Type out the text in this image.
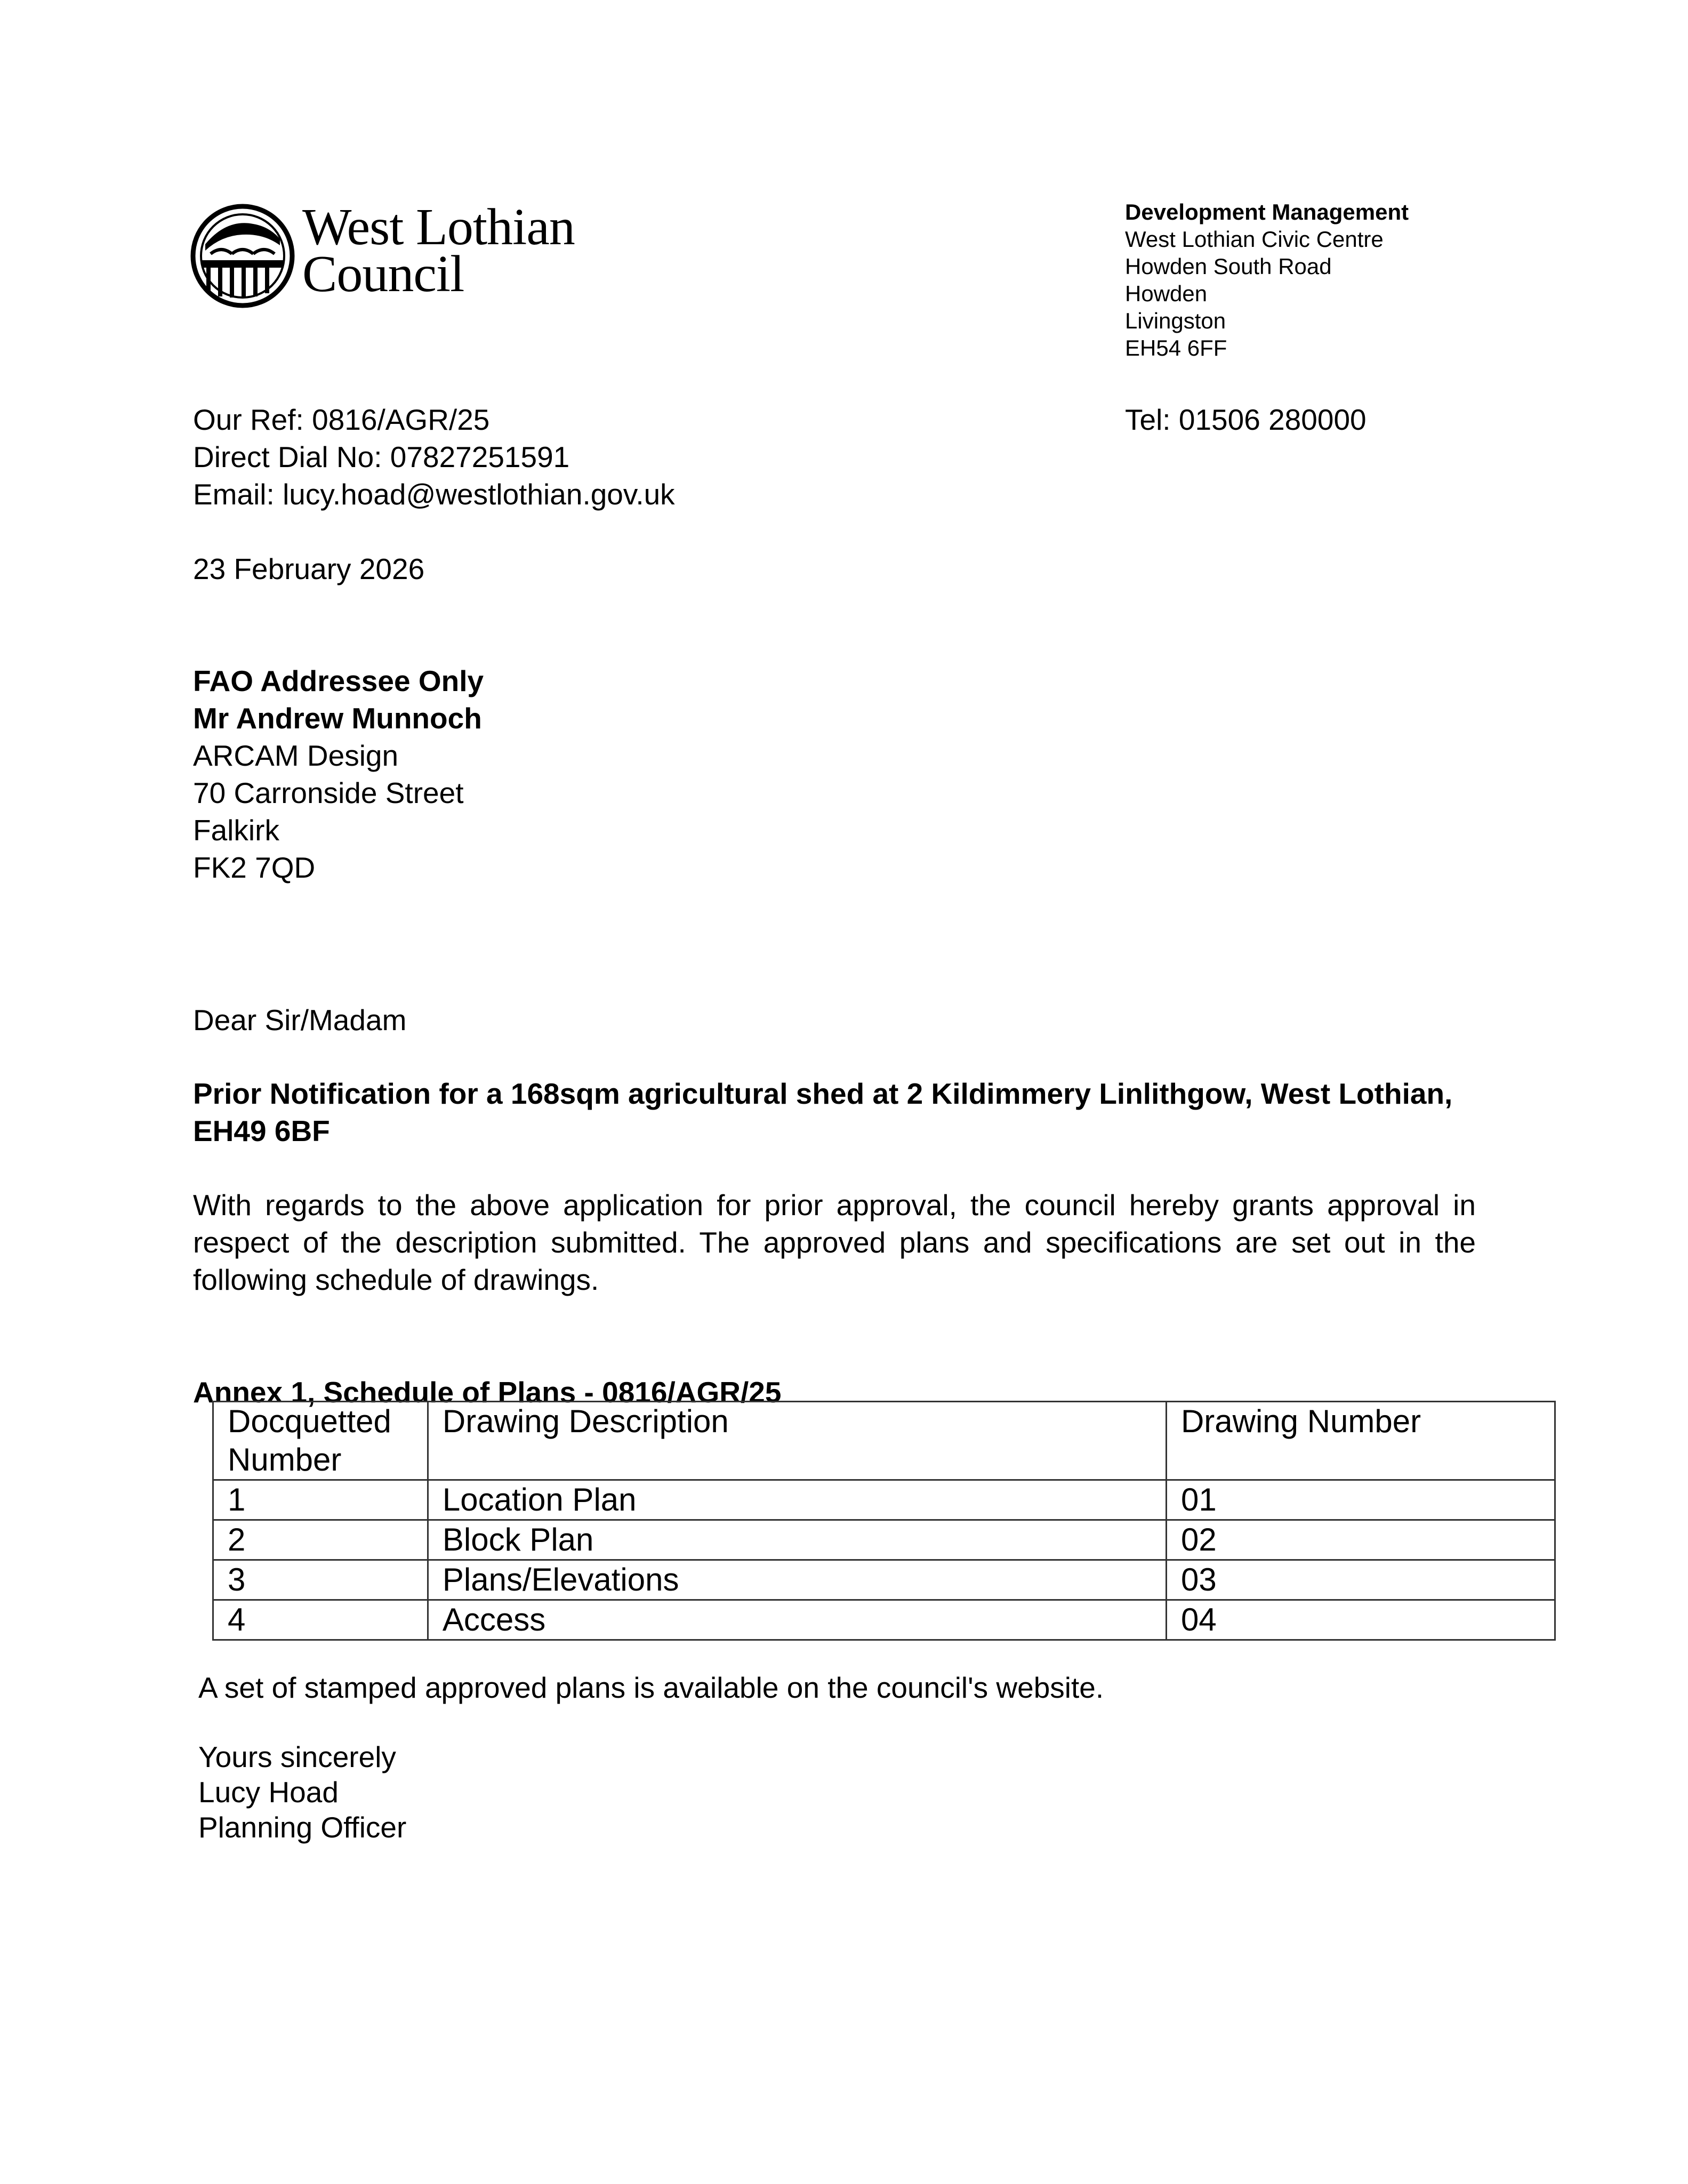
West Lothian
Council
Development Management
West Lothian Civic Centre
Howden South Road
Howden
Livingston
EH54 6FF
Tel: 01506 280000
Our Ref: 0816/AGR/25
Direct Dial No: 07827251591
Email: lucy.hoad@westlothian.gov.uk
23 February 2026
FAO Addressee Only
Mr Andrew Munnoch
ARCAM Design
70 Carronside Street
Falkirk
FK2 7QD
Dear Sir/Madam
Prior Notification for a 168sqm agricultural shed at 2 Kildimmery Linlithgow, West Lothian, EH49 6BF
With regards to the above application for prior approval, the council hereby grants approval in respect of the description submitted. The approved plans and specifications are set out in the following schedule of drawings.
Annex 1, Schedule of Plans - 0816/AGR/25
Docquetted Number	Drawing Description	Drawing Number
1	Location Plan	01
2	Block Plan	02
3	Plans/Elevations	03
4	Access	04
A set of stamped approved plans is available on the council's website.
Yours sincerely
Lucy Hoad
Planning Officer
